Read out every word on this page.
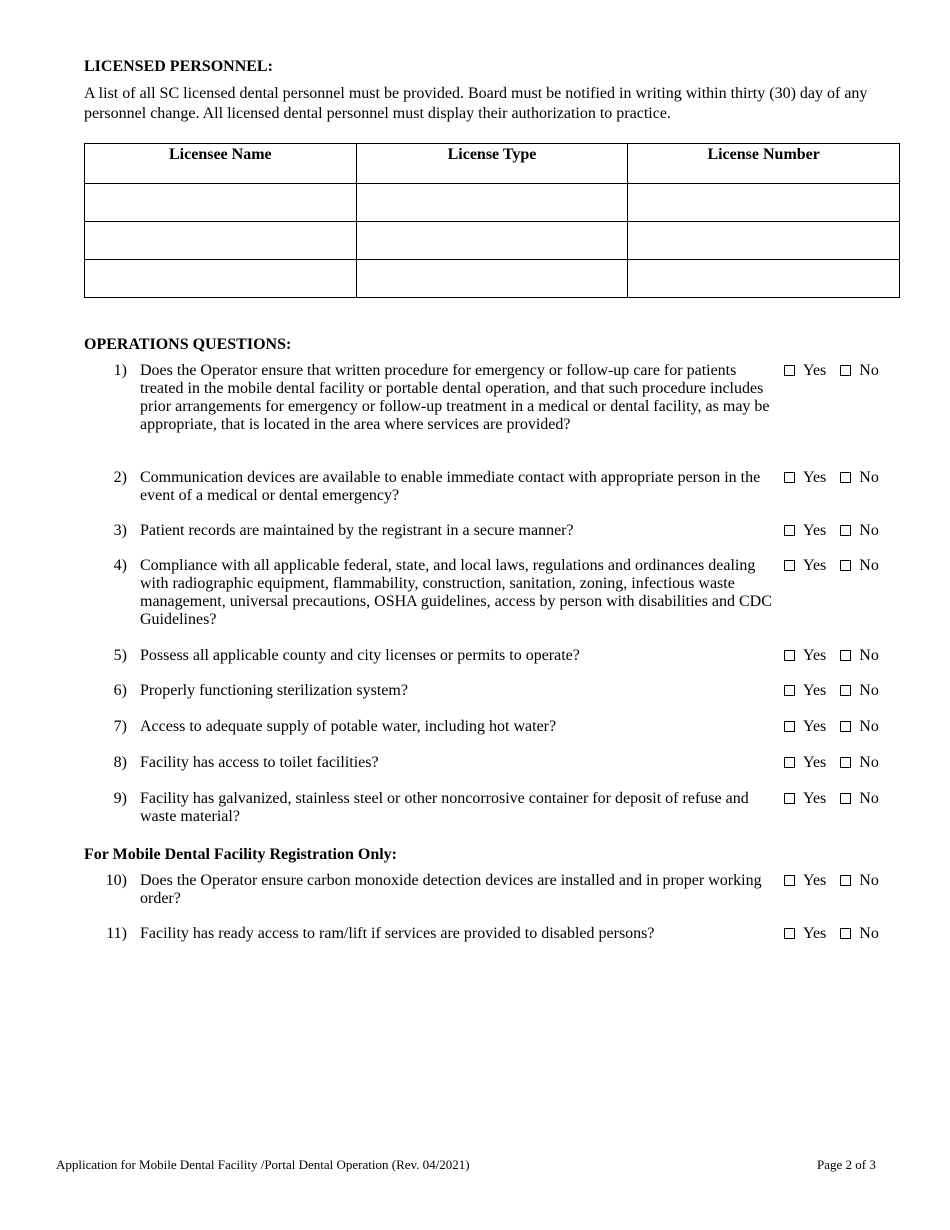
LICENSED PERSONNEL:

A list of all SC licensed dental personnel must be provided. Board must be notified in writing within thirty (30) day of any personnel change. All licensed dental personnel must display their authorization to practice.

Licensee Name	License Type	License Number

OPERATIONS QUESTIONS:
1) Does the Operator ensure that written procedure for emergency or follow-up care for patients treated in the mobile dental facility or portable dental operation, and that such procedure includes prior arrangements for emergency or follow-up treatment in a medical or dental facility, as may be appropriate, that is located in the area where services are provided?
Yes No
2) Communication devices are available to enable immediate contact with appropriate person in the event of a medical or dental emergency?
Yes No
3) Patient records are maintained by the registrant in a secure manner?	Yes No
4) Compliance with all applicable federal, state, and local laws, regulations and ordinances dealing with radiographic equipment, flammability, construction, sanitation, zoning, infectious waste management, universal precautions, OSHA guidelines, access by person with disabilities and CDC Guidelines?
Yes No
5) Possess all applicable county and city licenses or permits to operate?	Yes No
6) Properly functioning sterilization system?	Yes No
7) Access to adequate supply of potable water, including hot water?	Yes No
8) Facility has access to toilet facilities?	Yes No
9) Facility has galvanized, stainless steel or other noncorrosive container for deposit of refuse and waste material?
Yes No
For Mobile Dental Facility Registration Only:
10) Does the Operator ensure carbon monoxide detection devices are installed and in proper working order?
Yes No
11) Facility has ready access to ram/lift if services are provided to disabled persons?	Yes No
Application for Mobile Dental Facility /Portal Dental Operation (Rev. 04/2021)	Page 2 of 3
